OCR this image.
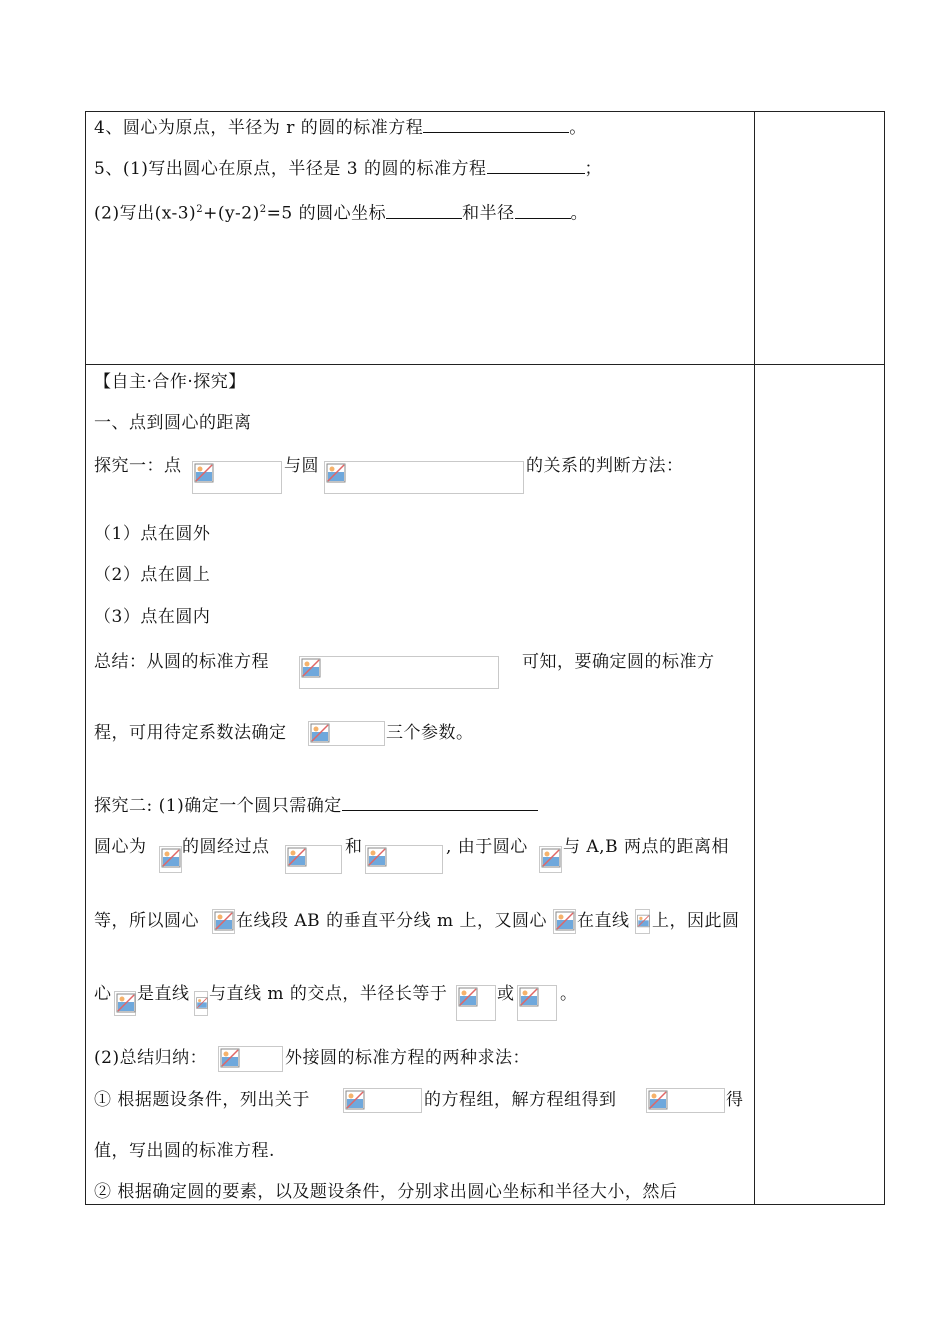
4、圆心为原点，半径为 r 的圆的标准方程	。
5、(1)写出圆心在原点，半径是 3 的圆的标准方程	；
(2)写出$(x-3)^2+(y-2)^2=5$ 的圆心坐标	和半径	。
【自主·合作·探究】
一、点到圆心的距离
探究一：点	与圆	的关系的判断方法：
（1）点在圆外
（2）点在圆上
（3）点在圆内
总结：从圆的标准方程	可知，要确定圆的标准方
程，可用待定系数法确定	三个参数。
探究二: (1)确定一个圆只需确定
圆心为 的圆经过点	和	, 由于圆心 与 A,B 两点的距离相
等，所以圆心 在线段 AB 的垂直平分线 m 上，又圆心 在直线 上，因此圆
心 是直线 与直线 m 的交点，半径长等于	或	。
(2)总结归纳：	外接圆的标准方程的两种求法：
① 根据题设条件，列出关于	的方程组，解方程组得到	得
值，写出圆的标准方程.
② 根据确定圆的要素，以及题设条件，分别求出圆心坐标和半径大小，然后
